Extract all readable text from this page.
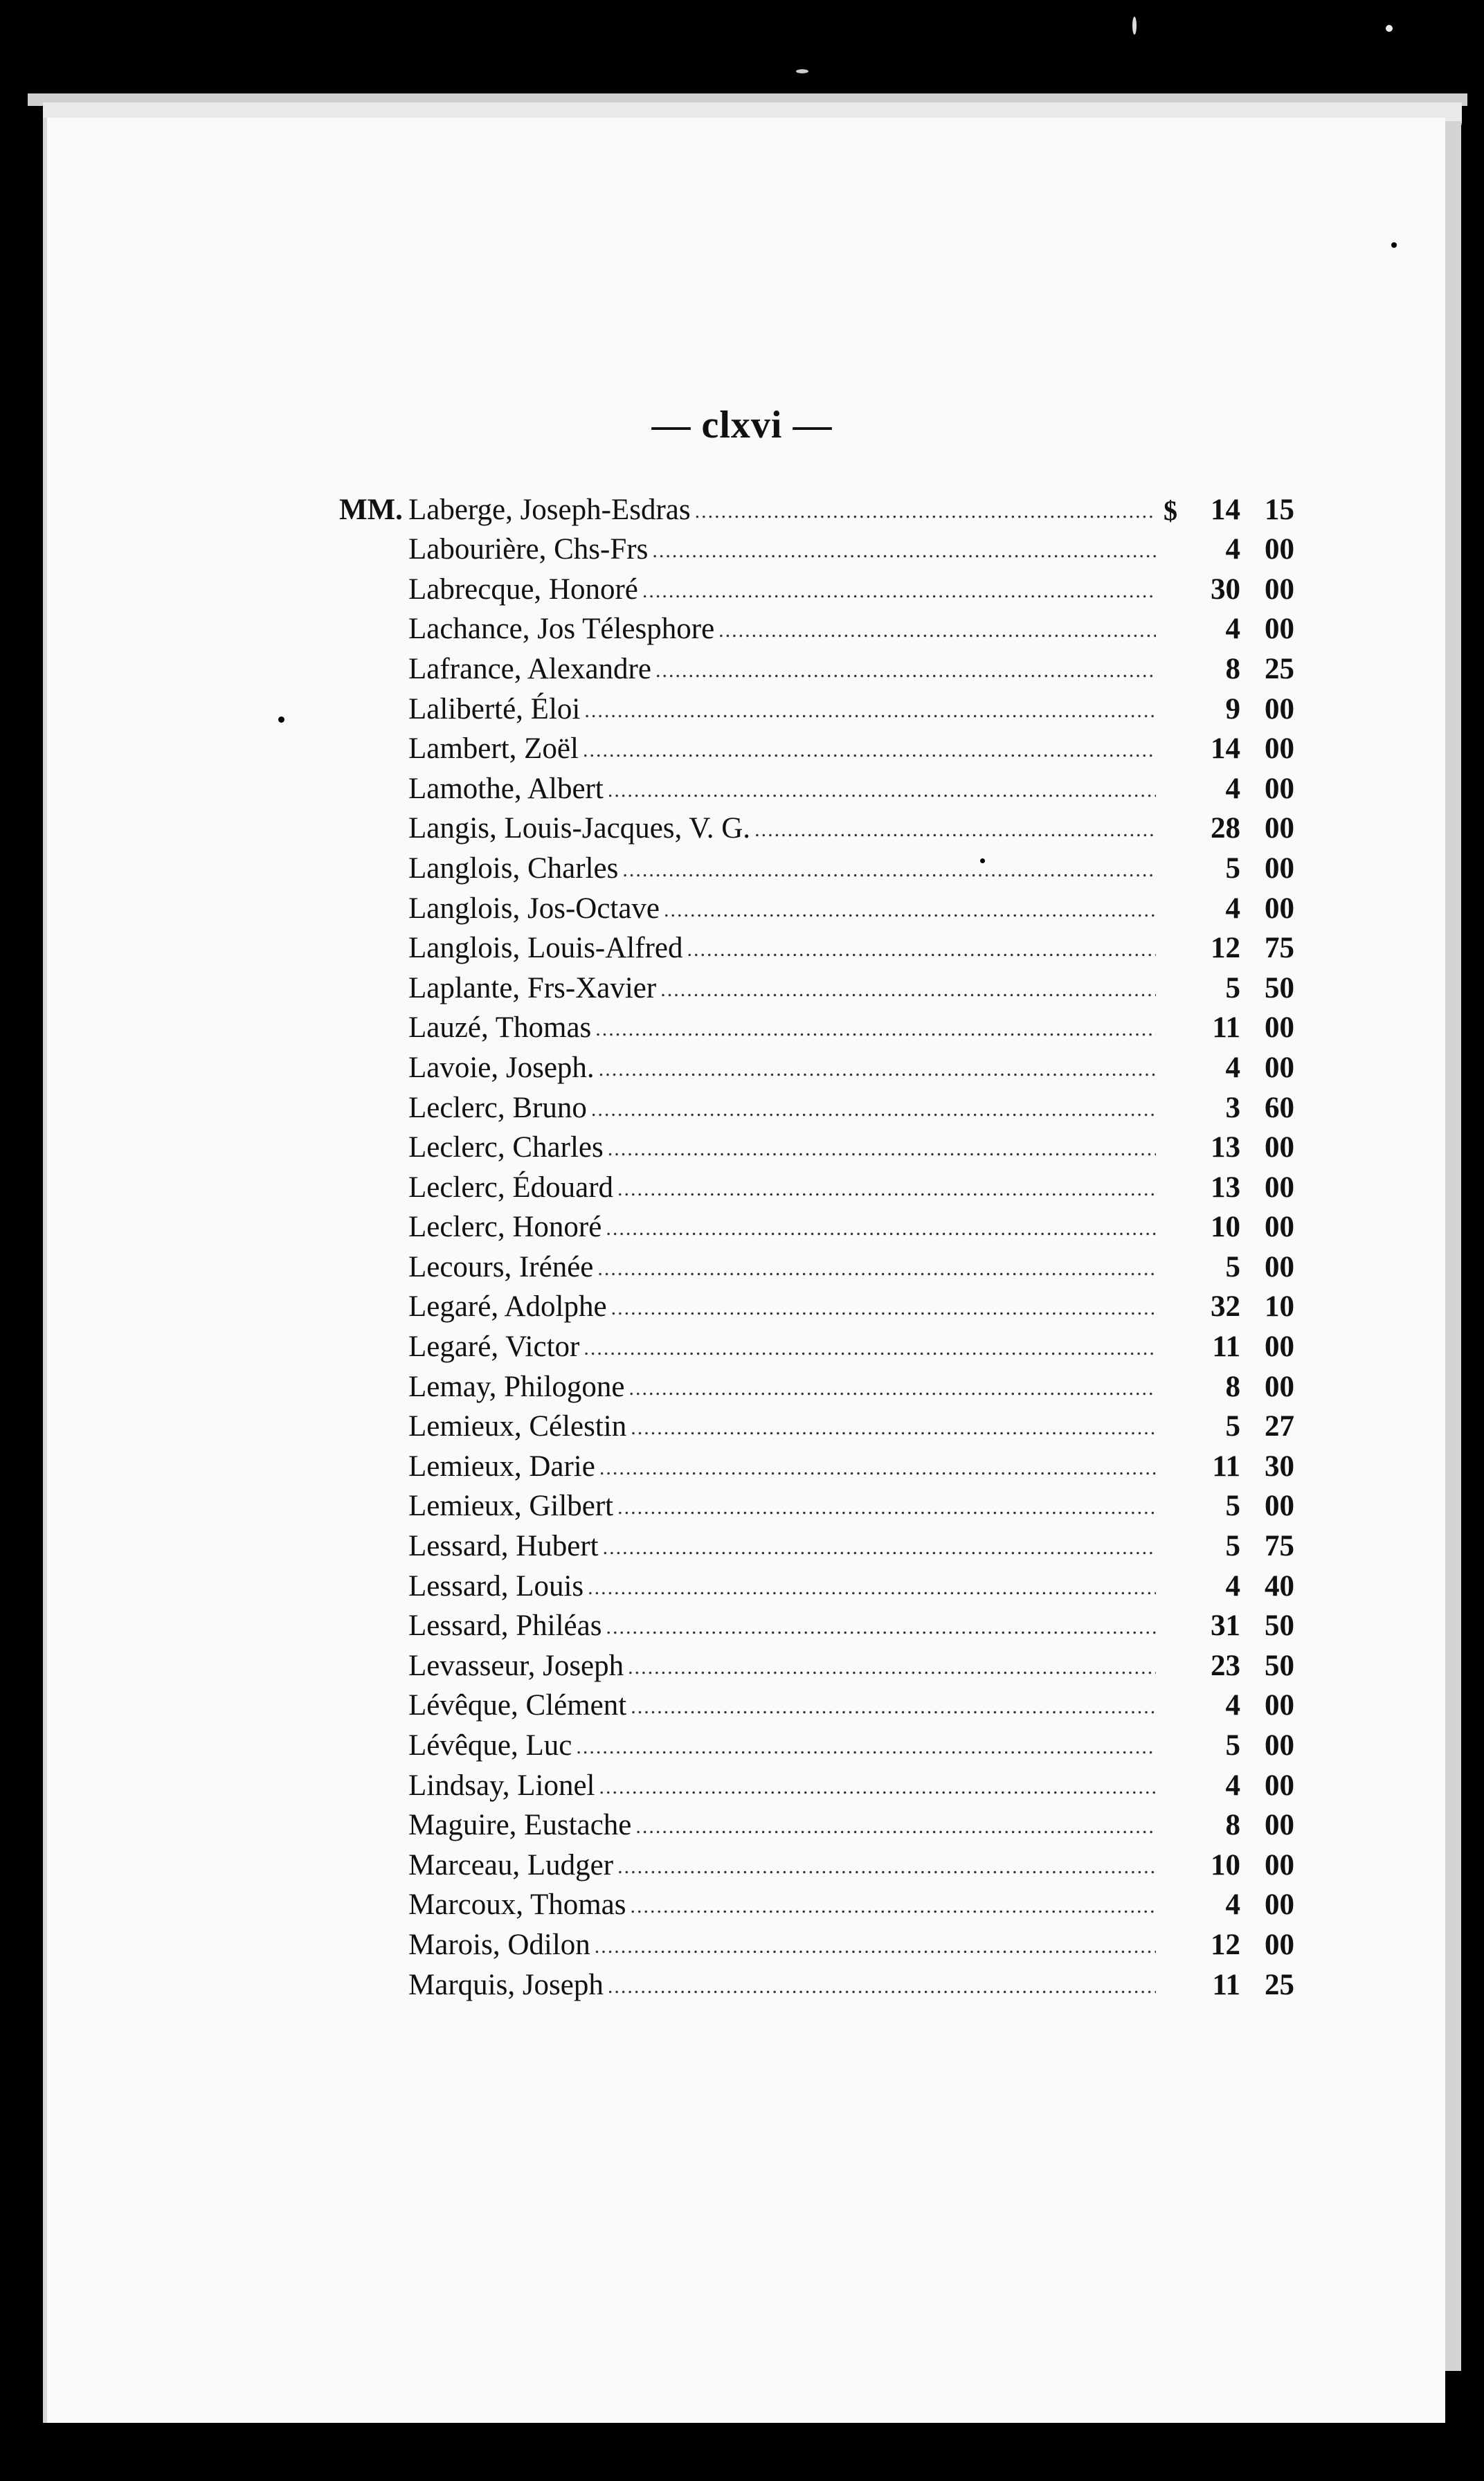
— clxvi —
MM. Laberge, Joseph-Esdras .....	$	14 15
Labourière, Chs-Frs .....	4 00
Labrecque, Honoré .....	30 00
Lachance, Jos Télesphore .....	4 00
Lafrance, Alexandre .....	8 25
Laliberté, Éloi .....	9 00
Lambert, Zoël .....	14 00
Lamothe, Albert .....	4 00
Langis, Louis-Jacques, V. G. .....	28 00
Langlois, Charles .....	5 00
Langlois, Jos-Octave .....	4 00
Langlois, Louis-Alfred .....	12 75
Laplante, Frs-Xavier .....	5 50
Lauzé, Thomas .....	11 00
Lavoie, Joseph. .....	4 00
Leclerc, Bruno .....	3 60
Leclerc, Charles .....	13 00
Leclerc, Édouard .....	13 00
Leclerc, Honoré .....	10 00
Lecours, Irénée .....	5 00
Legaré, Adolphe .....	32 10
Legaré, Victor .....	11 00
Lemay, Philogone .....	8 00
Lemieux, Célestin .....	5 27
Lemieux, Darie .....	11 30
Lemieux, Gilbert .....	5 00
Lessard, Hubert .....	5 75
Lessard, Louis .....	4 40
Lessard, Philéas .....	31 50
Levasseur, Joseph .....	23 50
Lévêque, Clément .....	4 00
Lévêque, Luc .....	5 00
Lindsay, Lionel .....	4 00
Maguire, Eustache .....	8 00
Marceau, Ludger .....	10 00
Marcoux, Thomas .....	4 00
Marois, Odilon .....	12 00
Marquis, Joseph .....	11 25
